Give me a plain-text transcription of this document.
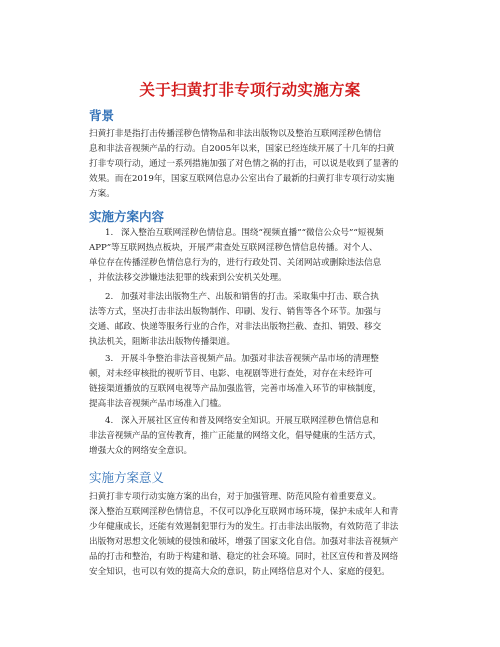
关于扫黄打非专项行动实施方案
背景
扫黄打非是指打击传播淫秽色情物品和非法出版物以及整治互联网淫秽色情信
息和非法音视频产品的行动。自2005年以来，国家已经连续开展了十几年的扫黄
打非专项行动，通过一系列措施加强了对色情之祸的打击，可以说是收到了显著的
效果。而在2019年，国家互联网信息办公室出台了最新的扫黄打非专项行动实施
方案。
实施方案内容
1. 深入整治互联网淫秽色情信息。围绕“视频直播”“微信公众号”“短视频
APP”等互联网热点板块，开展严肃查处互联网淫秽色情信息传播。对个人、
单位存在传播淫秽色情信息行为的，进行行政处罚、关闭网站或删除违法信息
，并依法移交涉嫌违法犯罪的线索到公安机关处理。
2. 加强对非法出版物生产、出版和销售的打击。采取集中打击、联合执
法等方式，坚决打击非法出版物制作、印刷、发行、销售等各个环节。加强与
交通、邮政、快递等服务行业的合作，对非法出版物拦截、查扣、销毁、移交
执法机关，阻断非法出版物传播渠道。
3. 开展斗争整治非法音视频产品。加强对非法音视频产品市场的清理整
顿，对未经审核批的视听节目、电影、电视剧等进行查处，对存在未经许可
链接渠道播放的互联网电视等产品加强监管，完善市场准入环节的审核制度，
提高非法音视频产品市场准入门槛。
4. 深入开展社区宣传和普及网络安全知识。开展互联网淫秽色情信息和
非法音视频产品的宣传教育，推广正能量的网络文化，倡导健康的生活方式，
增强大众的网络安全意识。
实施方案意义
扫黄打非专项行动实施方案的出台，对于加强管理、防范风险有着重要意义。
深入整治互联网淫秽色情信息，不仅可以净化互联网市场环境，保护未成年人和青
少年健康成长，还能有效遏制犯罪行为的发生。打击非法出版物，有效防范了非法
出版物对思想文化领域的侵蚀和破坏，增强了国家文化自信。加强对非法音视频产
品的打击和整治，有助于构建和谐、稳定的社会环境。同时，社区宣传和普及网络
安全知识，也可以有效的提高大众的意识，防止网络信息对个人、家庭的侵犯。
